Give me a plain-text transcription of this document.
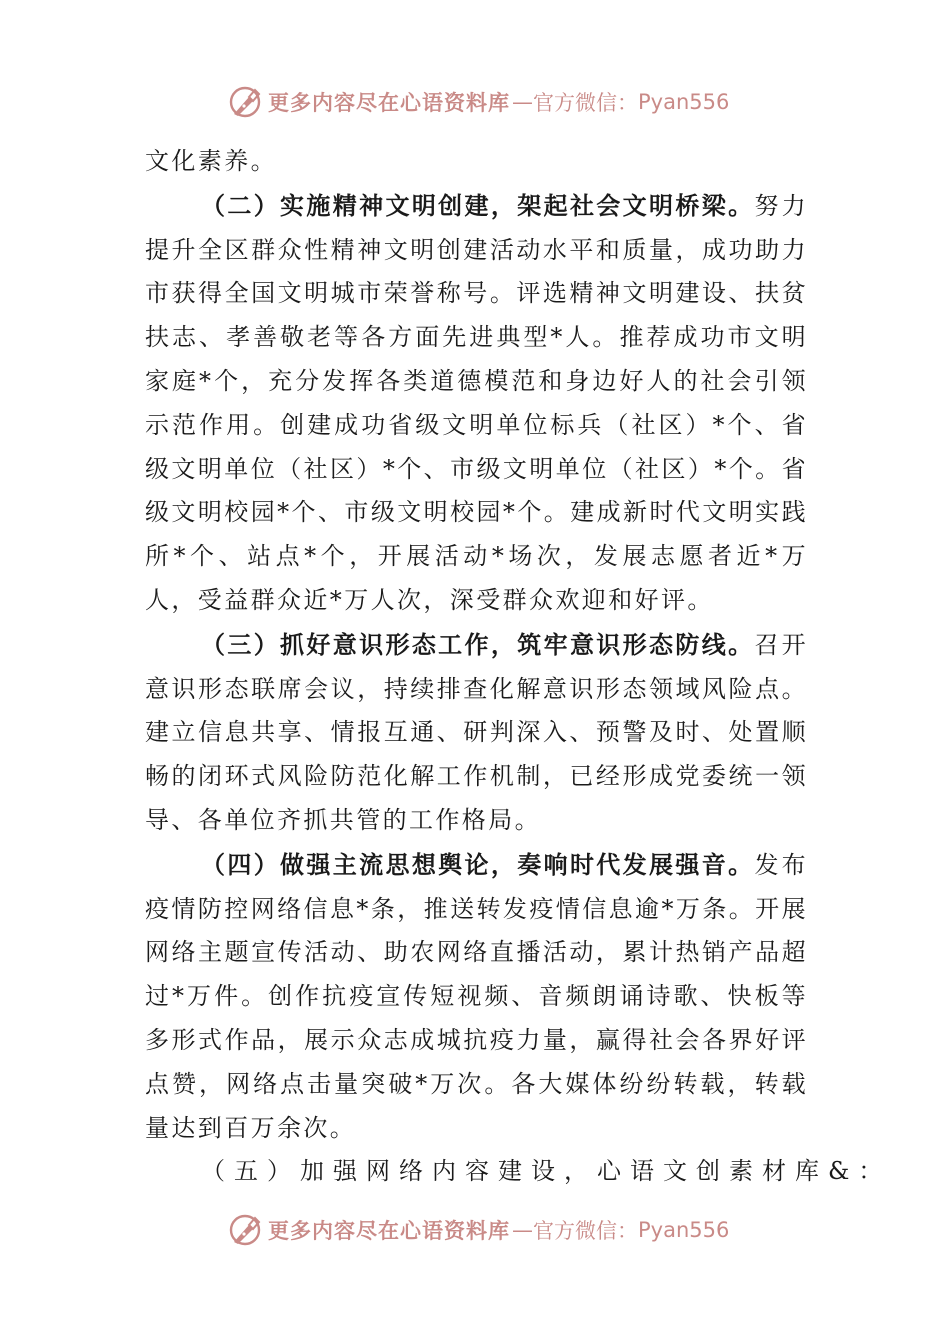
更多内容尽在心语资料库 — 官方微信： Pyan556

文化素养。

（二）实施精神文明创建，架起社会文明桥梁。努力提升全区群众性精神文明创建活动水平和质量，成功助力市获得全国文明城市荣誉称号。评选精神文明建设、扶贫扶志、孝善敬老等各方面先进典型*人。推荐成功市文明家庭*个，充分发挥各类道德模范和身边好人的社会引领示范作用。创建成功省级文明单位标兵（社区）*个、省级文明单位（社区）*个、市级文明单位（社区）*个。省级文明校园*个、市级文明校园*个。建成新时代文明实践所*个、站点*个，开展活动*场次，发展志愿者近*万人，受益群众近*万人次，深受群众欢迎和好评。

（三）抓好意识形态工作，筑牢意识形态防线。召开意识形态联席会议，持续排查化解意识形态领域风险点。建立信息共享、情报互通、研判深入、预警及时、处置顺畅的闭环式风险防范化解工作机制，已经形成党委统一领导、各单位齐抓共管的工作格局。

（四）做强主流思想舆论，奏响时代发展强音。发布疫情防控网络信息*条，推送转发疫情信息逾*万条。开展网络主题宣传活动、助农网络直播活动，累计热销产品超过*万件。创作抗疫宣传短视频、音频朗诵诗歌、快板等多形式作品，展示众志成城抗疫力量，赢得社会各界好评点赞，网络点击量突破*万次。各大媒体纷纷转载，转载量达到百万余次。

（五）加强网络内容建设，心语文创素材库&：

更多内容尽在心语资料库 — 官方微信： Pyan556
